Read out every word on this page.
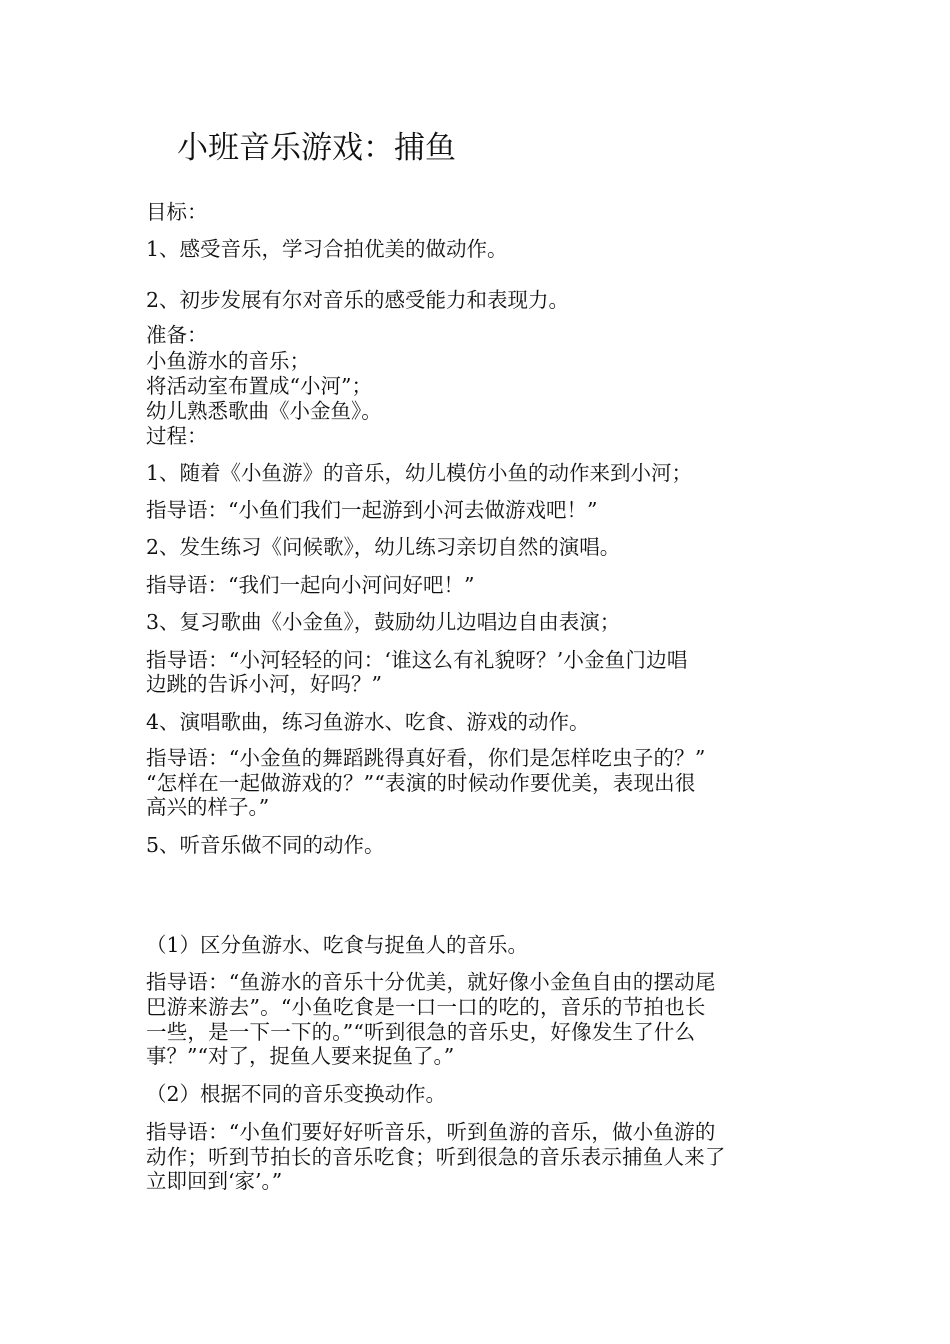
小班音乐游戏：捕鱼
目标：
1、感受音乐，学习合拍优美的做动作。
2、初步发展有尔对音乐的感受能力和表现力。
准备：
小鱼游水的音乐；
将活动室布置成“小河”；
幼儿熟悉歌曲《小金鱼》。
过程：
1、随着《小鱼游》的音乐，幼儿模仿小鱼的动作来到小河；
指导语：“小鱼们我们一起游到小河去做游戏吧！”
2、发生练习《问候歌》，幼儿练习亲切自然的演唱。
指导语：“我们一起向小河问好吧！”
3、复习歌曲《小金鱼》，鼓励幼儿边唱边自由表演；
指导语：“小河轻轻的问：‘谁这么有礼貌呀？’小金鱼门边唱
边跳的告诉小河，好吗？”
4、演唱歌曲，练习鱼游水、吃食、游戏的动作。
指导语：“小金鱼的舞蹈跳得真好看，你们是怎样吃虫子的？”
“怎样在一起做游戏的？”“表演的时候动作要优美，表现出很
高兴的样子。”
5、听音乐做不同的动作。
（1）区分鱼游水、吃食与捉鱼人的音乐。
指导语：“鱼游水的音乐十分优美，就好像小金鱼自由的摆动尾
巴游来游去”。“小鱼吃食是一口一口的吃的，音乐的节拍也长
一些，是一下一下的。”“听到很急的音乐史，好像发生了什么
事？”“对了，捉鱼人要来捉鱼了。”
（2）根据不同的音乐变换动作。
指导语：“小鱼们要好好听音乐，听到鱼游的音乐，做小鱼游的
动作；听到节拍长的音乐吃食；听到很急的音乐表示捕鱼人来了
立即回到‘家’。”
